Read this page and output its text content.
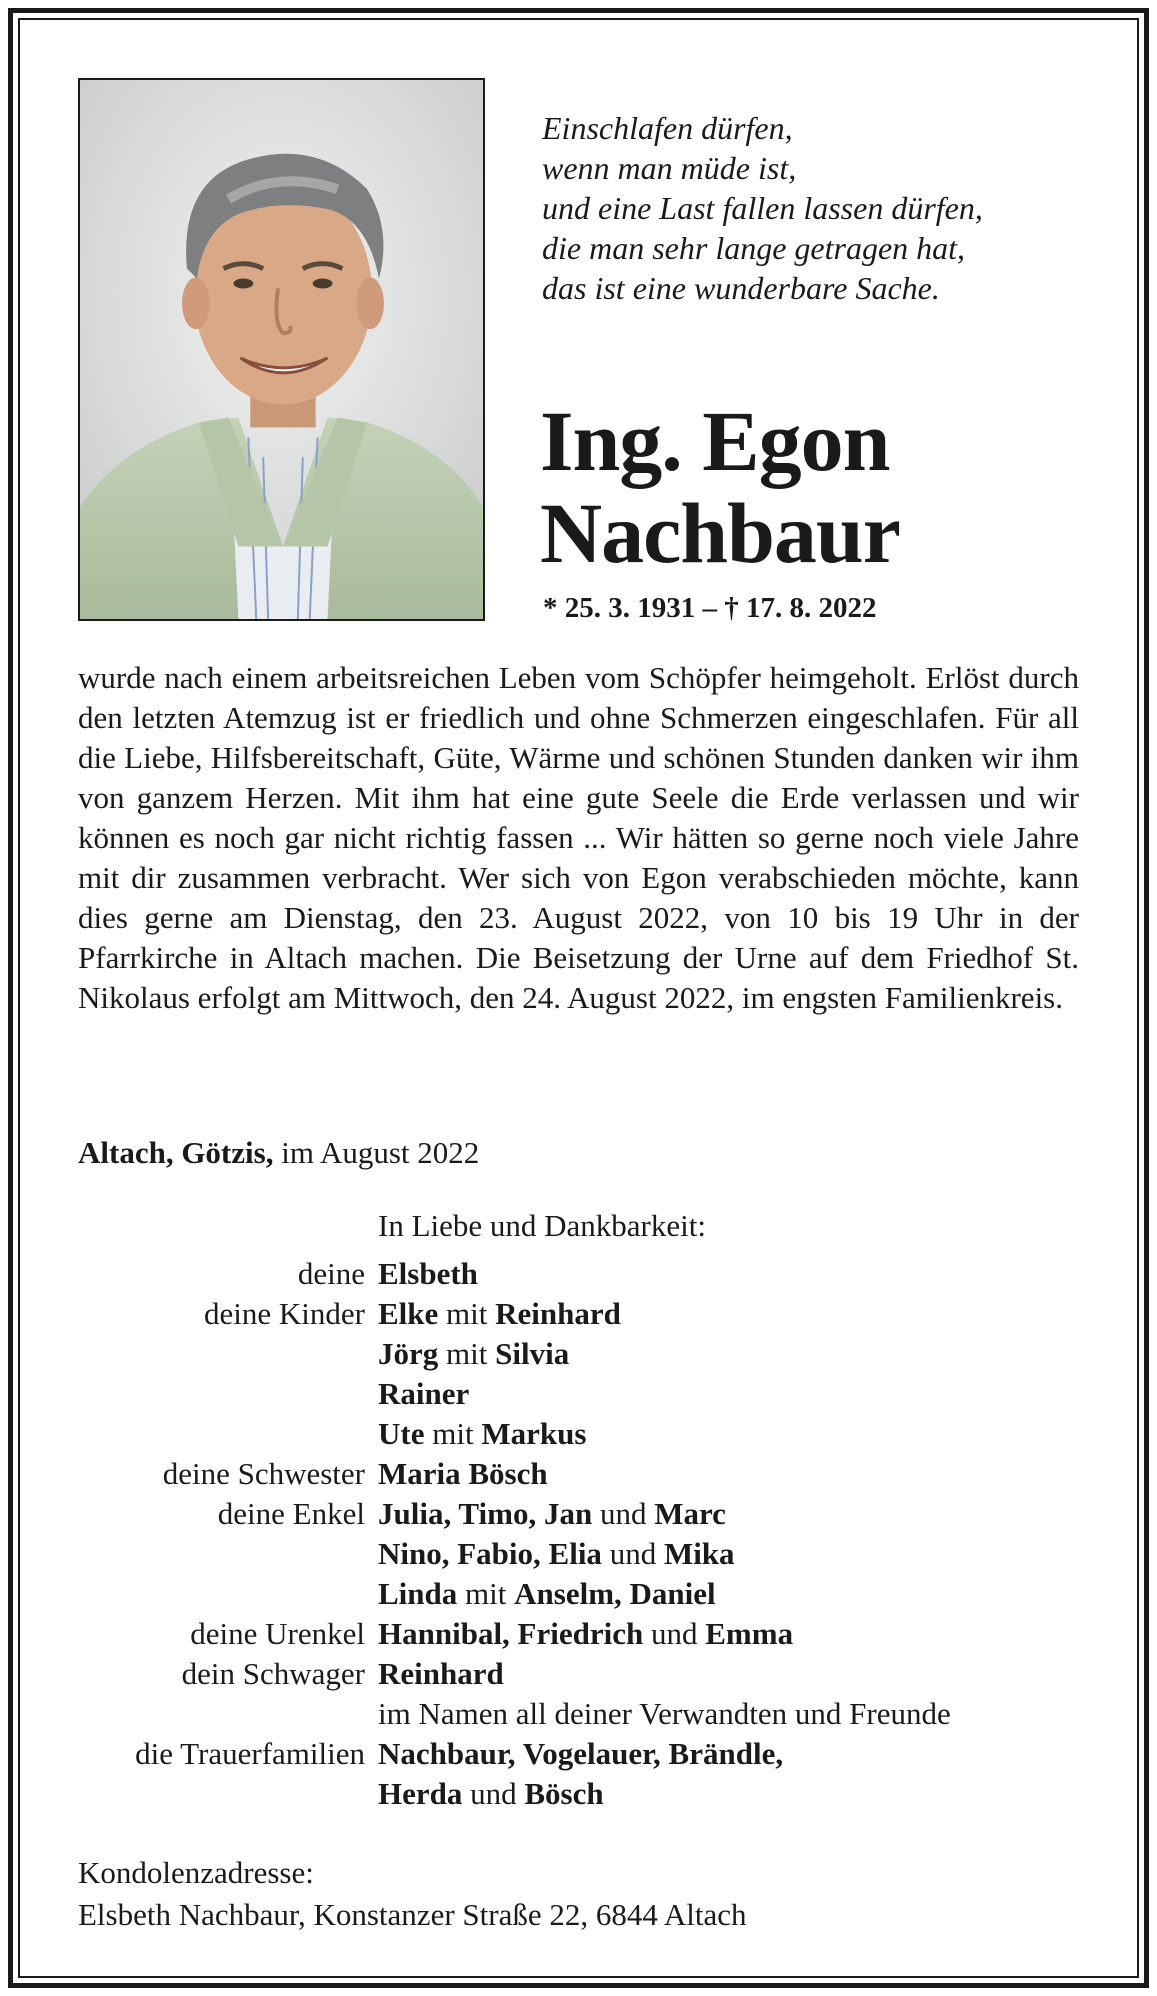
Einschlafen dürfen,
wenn man müde ist,
und eine Last fallen lassen dürfen,
die man sehr lange getragen hat,
das ist eine wunderbare Sache.
Ing. Egon
Nachbaur
* 25. 3. 1931 – † 17. 8. 2022
wurde nach einem arbeitsreichen Leben vom Schöpfer heimgeholt. Erlöst durch den letzten Atemzug ist er friedlich und ohne Schmerzen eingeschlafen. Für all die Liebe, Hilfsbereitschaft, Güte, Wärme und schönen Stunden danken wir ihm von ganzem Herzen. Mit ihm hat eine gute Seele die Erde verlassen und wir können es noch gar nicht richtig fassen ... Wir hätten so gerne noch viele Jahre mit dir zusammen verbracht. Wer sich von Egon verabschieden möchte, kann dies gerne am Dienstag, den 23. August 2022, von 10 bis 19 Uhr in der Pfarrkirche in Altach machen. Die Beisetzung der Urne auf dem Friedhof St. Nikolaus erfolgt am Mittwoch, den 24. August 2022, im engsten Familienkreis.
Altach, Götzis, im August 2022
In Liebe und Dankbarkeit:
deine Elsbeth
deine Kinder Elke mit Reinhard
Jörg mit Silvia
Rainer
Ute mit Markus
deine Schwester Maria Bösch
deine Enkel Julia, Timo, Jan und Marc
Nino, Fabio, Elia und Mika
Linda mit Anselm, Daniel
deine Urenkel Hannibal, Friedrich und Emma
dein Schwager Reinhard
im Namen all deiner Verwandten und Freunde
die Trauerfamilien Nachbaur, Vogelauer, Brändle,
Herda und Bösch
Kondolenzadresse:
Elsbeth Nachbaur, Konstanzer Straße 22, 6844 Altach
